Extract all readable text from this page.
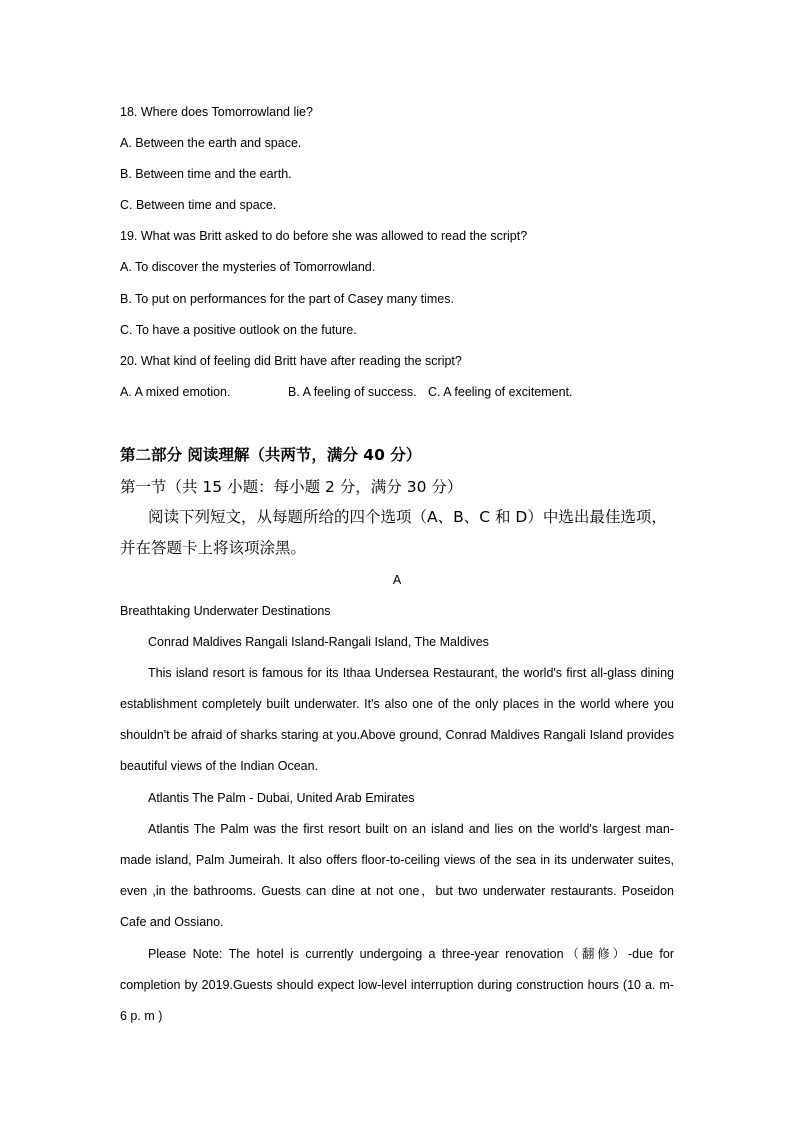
18. Where does Tomorrowland lie?
A. Between the earth and space.
B. Between time and the earth.
C. Between time and space.
19. What was Britt asked to do before she was allowed to read the script?
A. To discover the mysteries of Tomorrowland.
B. To put on performances for the part of Casey many times.
C. To have a positive outlook on the future.
20. What kind of feeling did Britt have after reading the script?
A. A mixed emotion.	B. A feeling of success. C. A feeling of excitement.
第二部分 阅读理解（共两节，满分 40 分）
第一节（共 15 小题：每小题 2 分，满分 30 分）
阅读下列短文，从每题所给的四个选项（A、B、C 和 D）中选出最佳选项，并在答题卡上将该项涂黑。
A
Breathtaking Underwater Destinations
Conrad Maldives Rangali Island-Rangali Island, The Maldives
This island resort is famous for its Ithaa Undersea Restaurant, the world's first all-glass dining establishment completely built underwater. It's also one of the only places in the world where you shouldn't be afraid of sharks staring at you.Above ground, Conrad Maldives Rangali Island provides beautiful views of the Indian Ocean.
Atlantis The Palm - Dubai, United Arab Emirates
Atlantis The Palm was the first resort built on an island and lies on the world's largest man-made island, Palm Jumeirah. It also offers floor-to-ceiling views of the sea in its underwater suites, even ,in the bathrooms. Guests can dine at not one，but two underwater restaurants. Poseidon Cafe and Ossiano.
Please Note: The hotel is currently undergoing a three-year renovation（翻修）-due for completion by 2019.Guests should expect low-level interruption during construction hours (10 a. m-6 p. m )
